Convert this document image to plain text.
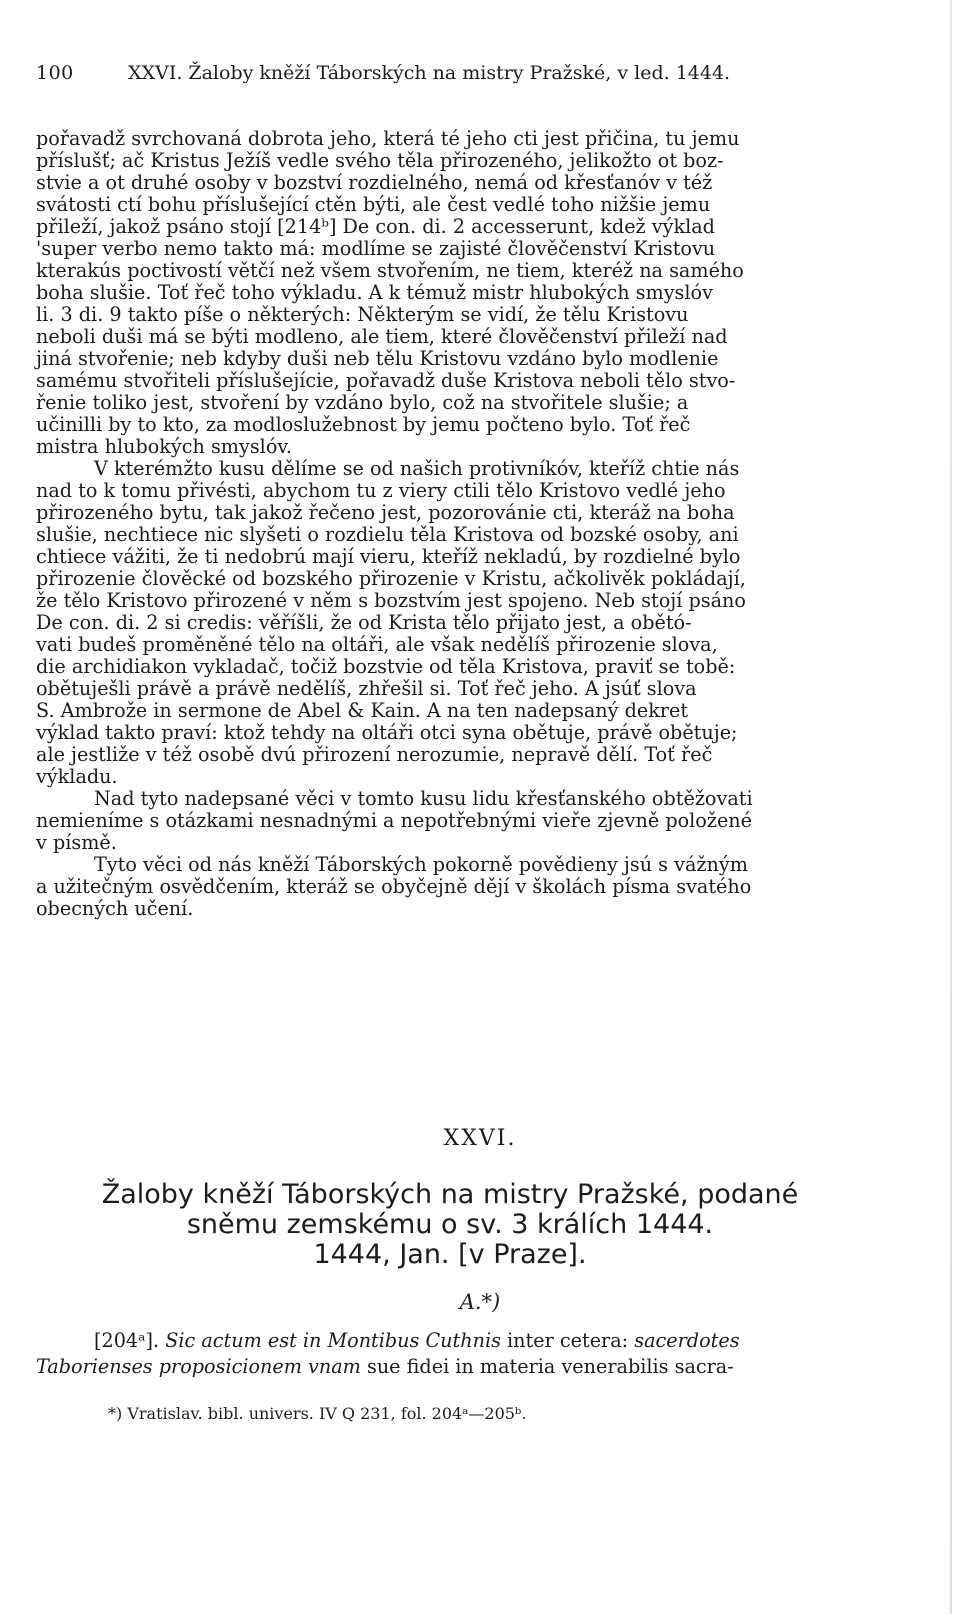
100	XXVI. Žaloby kněží Táborských na mistry Pražské, v led. 1444.
pořavadž svrchovaná dobrota jeho, která té jeho cti jest přičina, tu jemu
příslušť; ač Kristus Ježíš vedle svého těla přirozeného, jelikožto ot boz-
stvie a ot druhé osoby v bozství rozdielného, nemá od křesťanóv v též
svátosti ctí bohu příslušející ctěn býti, ale čest vedlé toho nižšie jemu
přileží, jakož psáno stojí [214ᵇ] De con. di. 2 accesserunt, kdež výklad
'super verbo nemo takto má: modlíme se zajisté člověčenství Kristovu
kterakús poctivostí větčí než všem stvořením, ne tiem, kteréž na samého
boha slušie. Toť řeč toho výkladu. A k témuž mistr hlubokých smyslóv
li. 3 di. 9 takto píše o některých: Některým se vidí, že tělu Kristovu
neboli duši má se býti modleno, ale tiem, které člověčenství přileží nad
jiná stvořenie; neb kdyby duši neb tělu Kristovu vzdáno bylo modlenie
samému stvořiteli příslušejície, pořavadž duše Kristova neboli tělo stvo-
řenie toliko jest, stvoření by vzdáno bylo, což na stvořitele slušie; a
učinilli by to kto, za modloslužebnost by jemu počteno bylo. Toť řeč
mistra hlubokých smyslóv.
V kterémžto kusu dělíme se od našich protivníkóv, kteříž chtie nás
nad to k tomu přivésti, abychom tu z viery ctili tělo Kristovo vedlé jeho
přirozeného bytu, tak jakož řečeno jest, pozorovánie cti, kteráž na boha
slušie, nechtiece nic slyšeti o rozdielu těla Kristova od bozské osoby, ani
chtiece vážiti, že ti nedobrú mají vieru, kteříž nekladú, by rozdielné bylo
přirozenie člověcké od bozského přirozenie v Kristu, ačkolivěk pokládají,
že tělo Kristovo přirozené v něm s bozstvím jest spojeno. Neb stojí psáno
De con. di. 2 si credis: věříšli, že od Krista tělo přijato jest, a obětó-
vati budeš proměněné tělo na oltáři, ale však nedělíš přirozenie slova,
die archidiakon vykladač, točiž bozstvie od těla Kristova, praviť se tobě:
obětuješli právě a právě nedělíš, zhřešil si. Toť řeč jeho. A jsúť slova
S. Ambrože in sermone de Abel & Kain. A na ten nadepsaný dekret
výklad takto praví: ktož tehdy na oltáři otci syna obětuje, právě obětuje;
ale jestliže v též osobě dvú přirození nerozumie, nepravě dělí. Toť řeč
výkladu.
Nad tyto nadepsané věci v tomto kusu lidu křesťanského obtěžovati
nemieníme s otázkami nesnadnými a nepotřebnými vieře zjevně položené
v písmě.
Tyto věci od nás kněží Táborských pokorně povědieny jsú s vážným
a užitečným osvědčením, kteráž se obyčejně dějí v školách písma svatého
obecných učení.
XXVI.
Žaloby kněží Táborských na mistry Pražské, podané
sněmu zemskému o sv. 3 králích 1444.
1444, Jan. [v Praze].
A.*)
[204ᵃ]. Sic actum est in Montibus Cuthnis inter cetera: sacerdotes
Taborienses proposicionem vnam sue fidei in materia venerabilis sacra-
*) Vratislav. bibl. univers. IV Q 231, fol. 204ᵃ—205ᵇ.
